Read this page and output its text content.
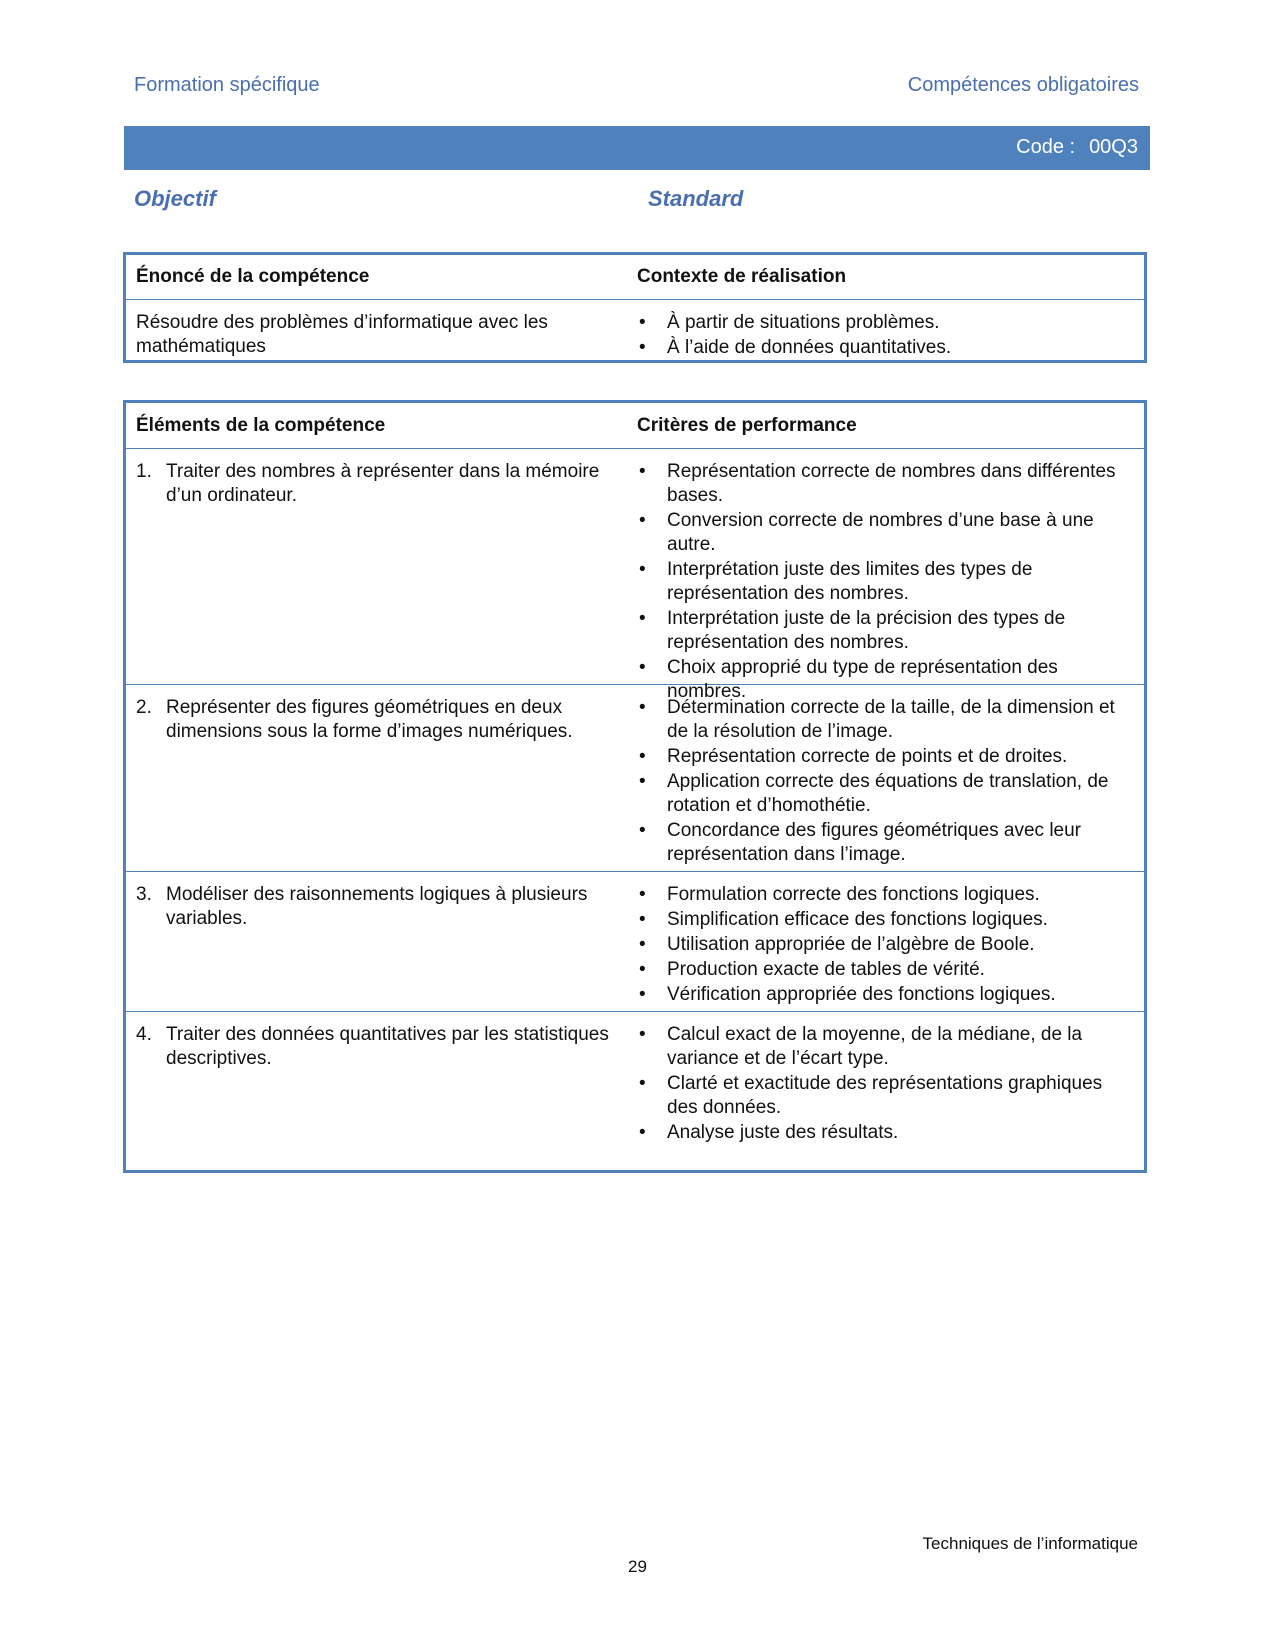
Formation spécifique	Compétences obligatoires
Code : 00Q3
Objectif	Standard
Énoncé de la compétence	Contexte de réalisation
Résoudre des problèmes d’informatique avec les mathématiques
• À partir de situations problèmes.
• À l’aide de données quantitatives.
Éléments de la compétence	Critères de performance
1. Traiter des nombres à représenter dans la mémoire d’un ordinateur.
• Représentation correcte de nombres dans différentes bases.
• Conversion correcte de nombres d’une base à une autre.
• Interprétation juste des limites des types de représentation des nombres.
• Interprétation juste de la précision des types de représentation des nombres.
• Choix approprié du type de représentation des nombres.
2. Représenter des figures géométriques en deux dimensions sous la forme d’images numériques.
• Détermination correcte de la taille, de la dimension et de la résolution de l’image.
• Représentation correcte de points et de droites.
• Application correcte des équations de translation, de rotation et d’homothétie.
• Concordance des figures géométriques avec leur représentation dans l’image.
3. Modéliser des raisonnements logiques à plusieurs variables.
• Formulation correcte des fonctions logiques.
• Simplification efficace des fonctions logiques.
• Utilisation appropriée de l’algèbre de Boole.
• Production exacte de tables de vérité.
• Vérification appropriée des fonctions logiques.
4. Traiter des données quantitatives par les statistiques descriptives.
• Calcul exact de la moyenne, de la médiane, de la variance et de l’écart type.
• Clarté et exactitude des représentations graphiques des données.
• Analyse juste des résultats.
Techniques de l’informatique
29
